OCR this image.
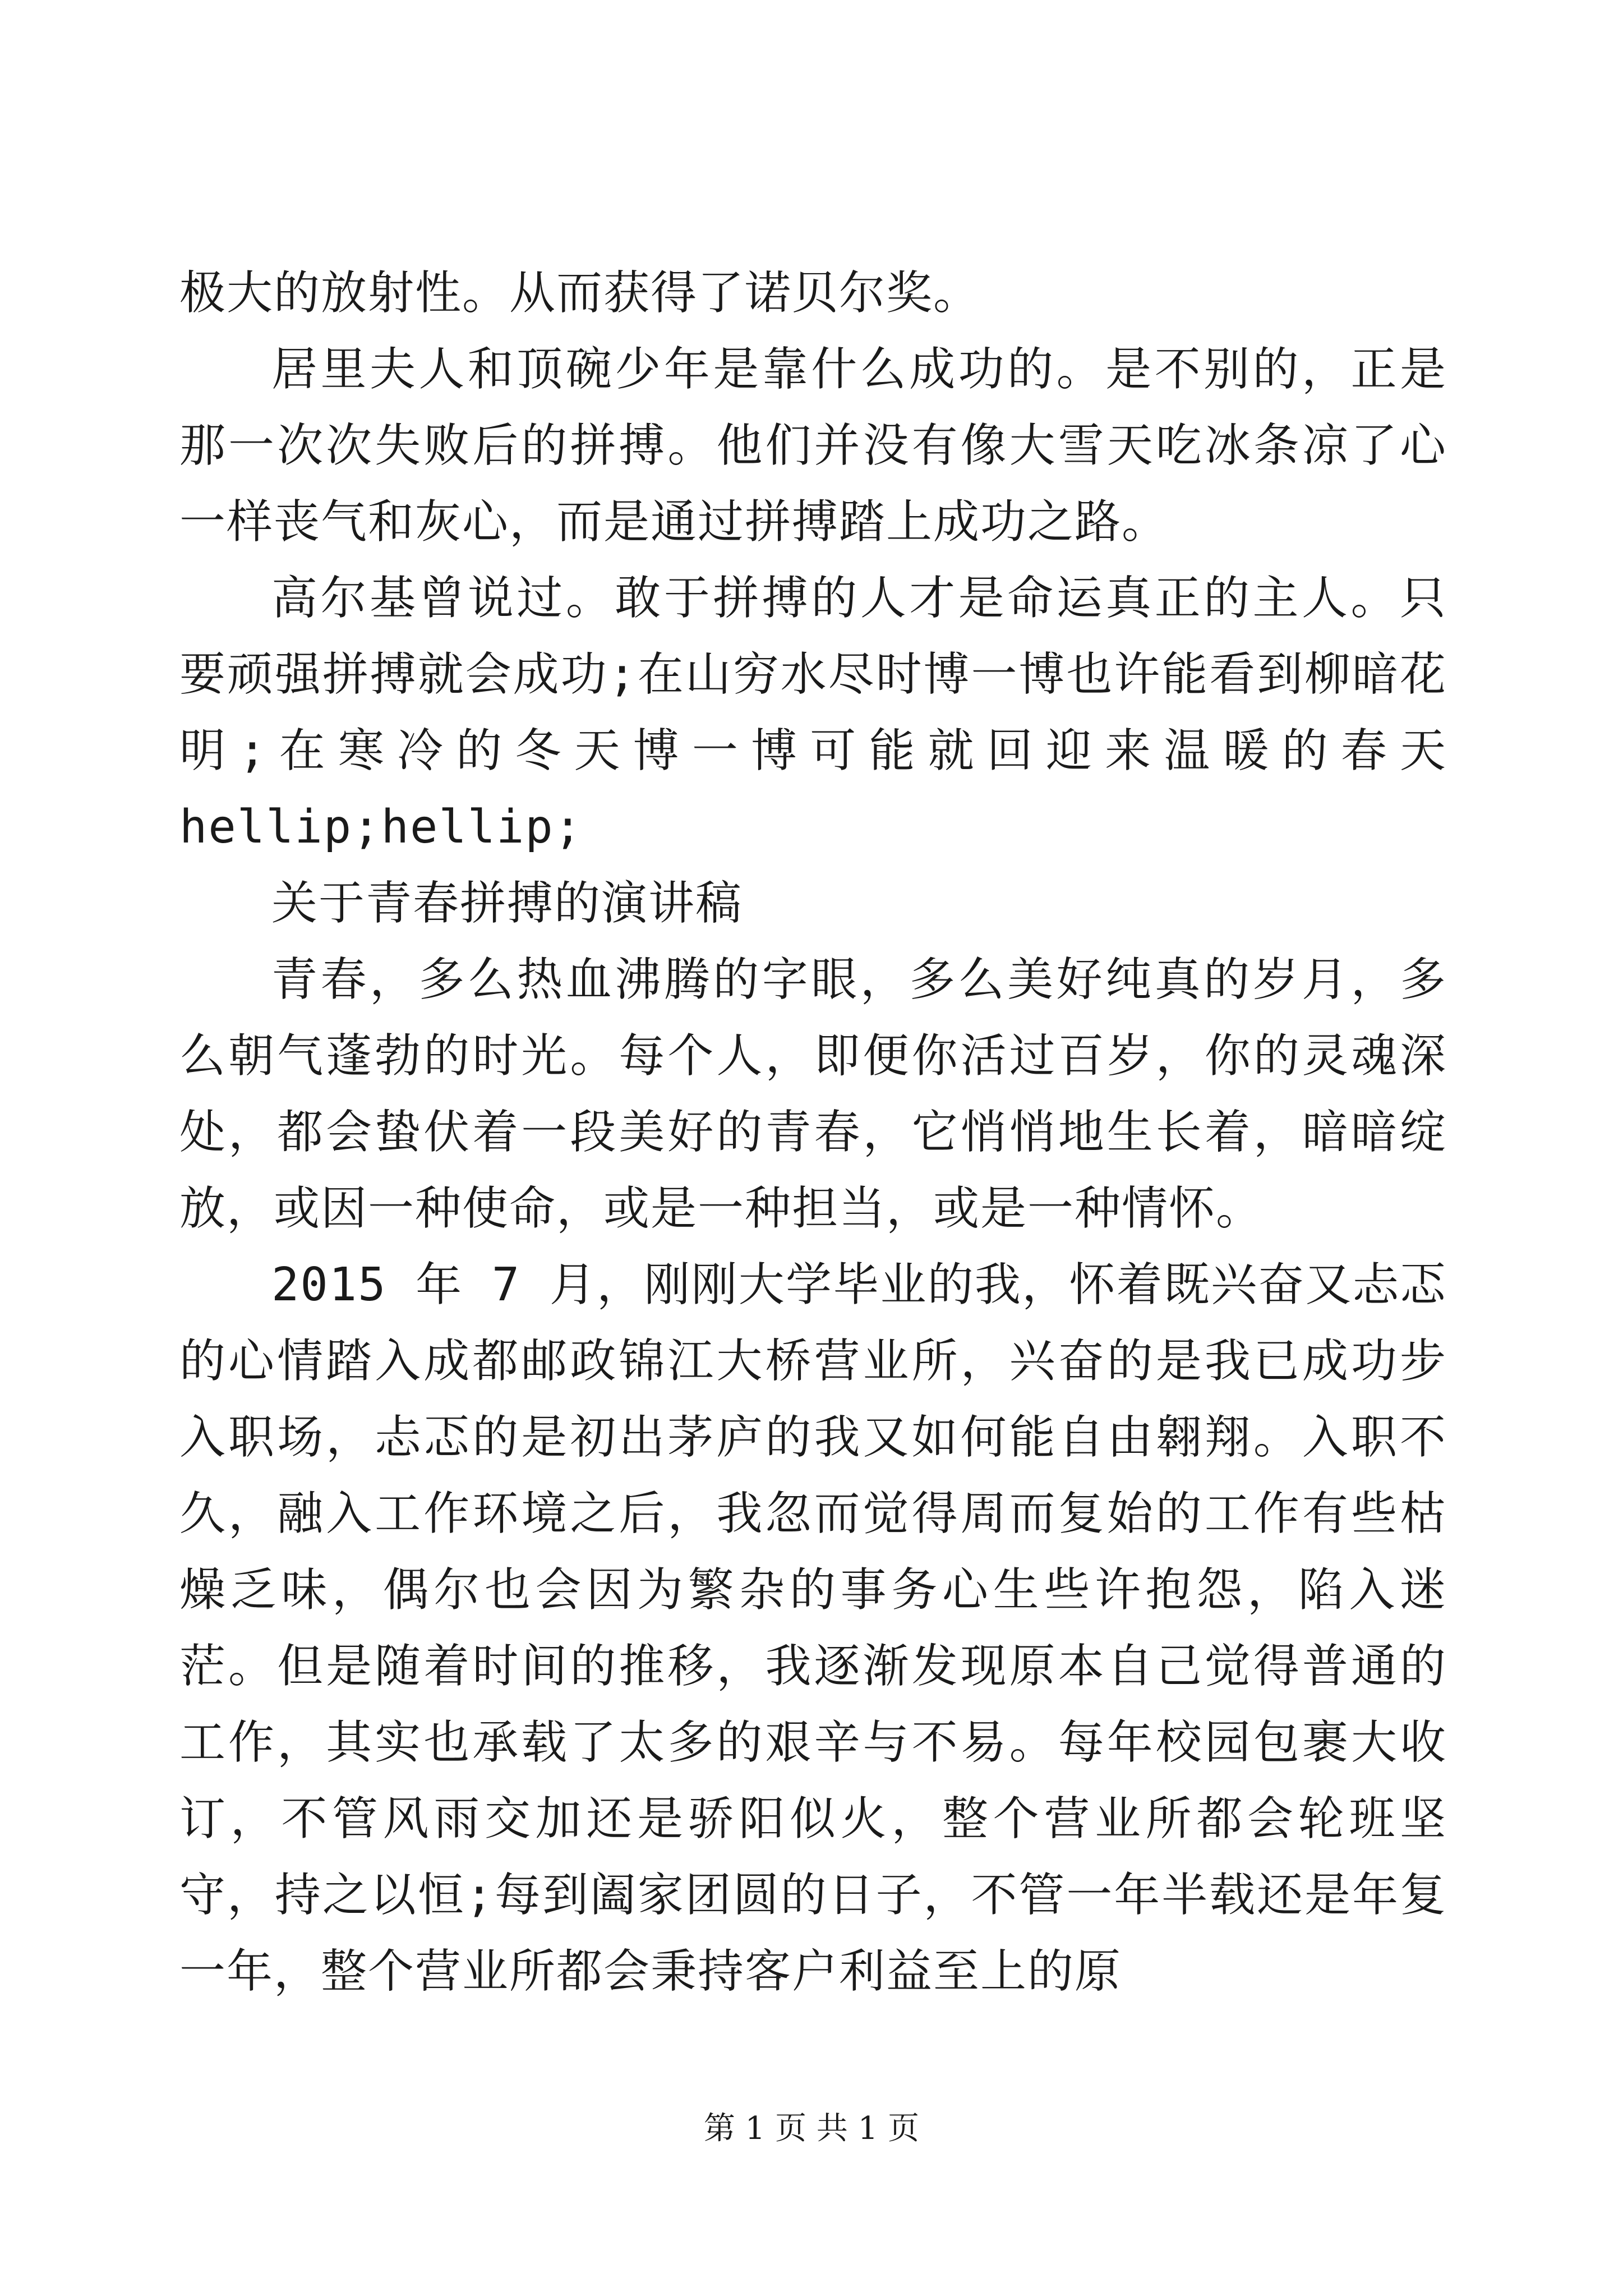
极大的放射性。从而获得了诺贝尔奖。

居里夫人和顶碗少年是靠什么成功的。是不别的，正是那一次次失败后的拼搏。他们并没有像大雪天吃冰条凉了心一样丧气和灰心，而是通过拼搏踏上成功之路。

高尔基曾说过。敢于拼搏的人才是命运真正的主人。只要顽强拼搏就会成功;在山穷水尽时博一博也许能看到柳暗花明;在寒冷的冬天博一博可能就回迎来温暖的春天 hellip;hellip;

关于青春拼搏的演讲稿

青春，多么热血沸腾的字眼，多么美好纯真的岁月，多么朝气蓬勃的时光。每个人，即便你活过百岁，你的灵魂深处，都会蛰伏着一段美好的青春，它悄悄地生长着，暗暗绽放，或因一种使命，或是一种担当，或是一种情怀。

2015 年 7 月，刚刚大学毕业的我，怀着既兴奋又忐忑的心情踏入成都邮政锦江大桥营业所，兴奋的是我已成功步入职场，忐忑的是初出茅庐的我又如何能自由翱翔。入职不久，融入工作环境之后，我忽而觉得周而复始的工作有些枯燥乏味，偶尔也会因为繁杂的事务心生些许抱怨，陷入迷茫。但是随着时间的推移，我逐渐发现原本自己觉得普通的工作，其实也承载了太多的艰辛与不易。每年校园包裹大收订，不管风雨交加还是骄阳似火，整个营业所都会轮班坚守，持之以恒;每到阖家团圆的日子，不管一年半载还是年复一年，整个营业所都会秉持客户利益至上的原

第 1 页 共 1 页
